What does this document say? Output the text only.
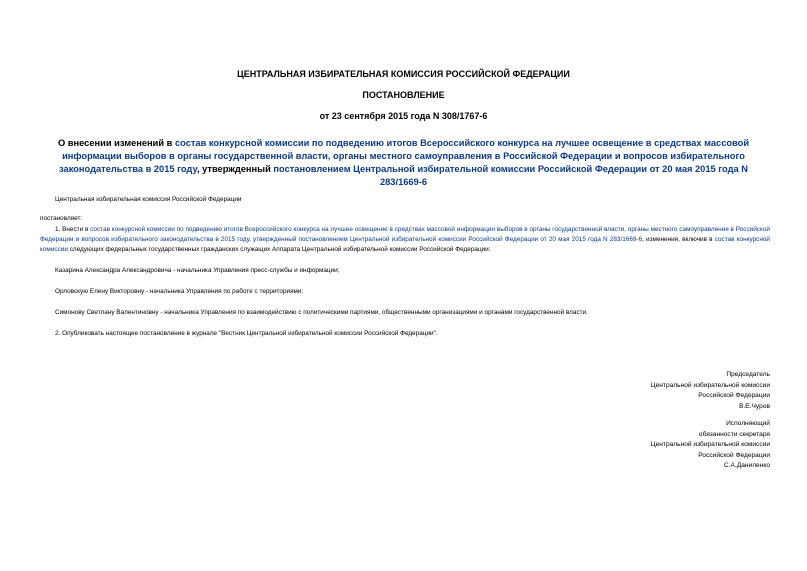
ЦЕНТРАЛЬНАЯ ИЗБИРАТЕЛЬНАЯ КОМИССИЯ РОССИЙСКОЙ ФЕДЕРАЦИИ
ПОСТАНОВЛЕНИЕ
от 23 сентября 2015 года N 308/1767-6
О внесении изменений в состав конкурсной комиссии по подведению итогов Всероссийского конкурса на лучшее освещение в средствах массовой информации выборов в органы государственной власти, органы местного самоуправления в Российской Федерации и вопросов избирательного законодательства в 2015 году, утвержденный постановлением Центральной избирательной комиссии Российской Федерации от 20 мая 2015 года N 283/1669-6
Центральная избирательная комиссия Российской Федерации
постановляет:
1. Внести в состав конкурсной комиссии по подведению итогов Всероссийского конкурса на лучшее освещение в средствах массовой информации выборов в органы государственной власти, органы местного самоуправления в Российской Федерации и вопросов избирательного законодательства в 2015 году, утвержденный постановлением Центральной избирательной комиссии Российской Федерации от 20 мая 2015 года N 283/1669-6, изменения, включив в состав конкурсной комиссии следующих федеральных государственных гражданских служащих Аппарата Центральной избирательной комиссии Российской Федерации:
Казарина Александра Александровича - начальника Управления пресс-службы и информации;
Орловскую Елену Викторовну - начальника Управления по работе с территориями;
Симонову Светлану Валентиновну - начальника Управления по взаимодействию с политическими партиями, общественными организациями и органами государственной власти.
2. Опубликовать настоящее постановление в журнале "Вестник Центральной избирательной комиссии Российской Федерации".
Председатель
Центральной избирательной комиссии
Российской Федерации
В.Е.Чуров
Исполняющий
обязанности секретаря
Центральной избирательной комиссии
Российской Федерации
С.А.Даниленко
